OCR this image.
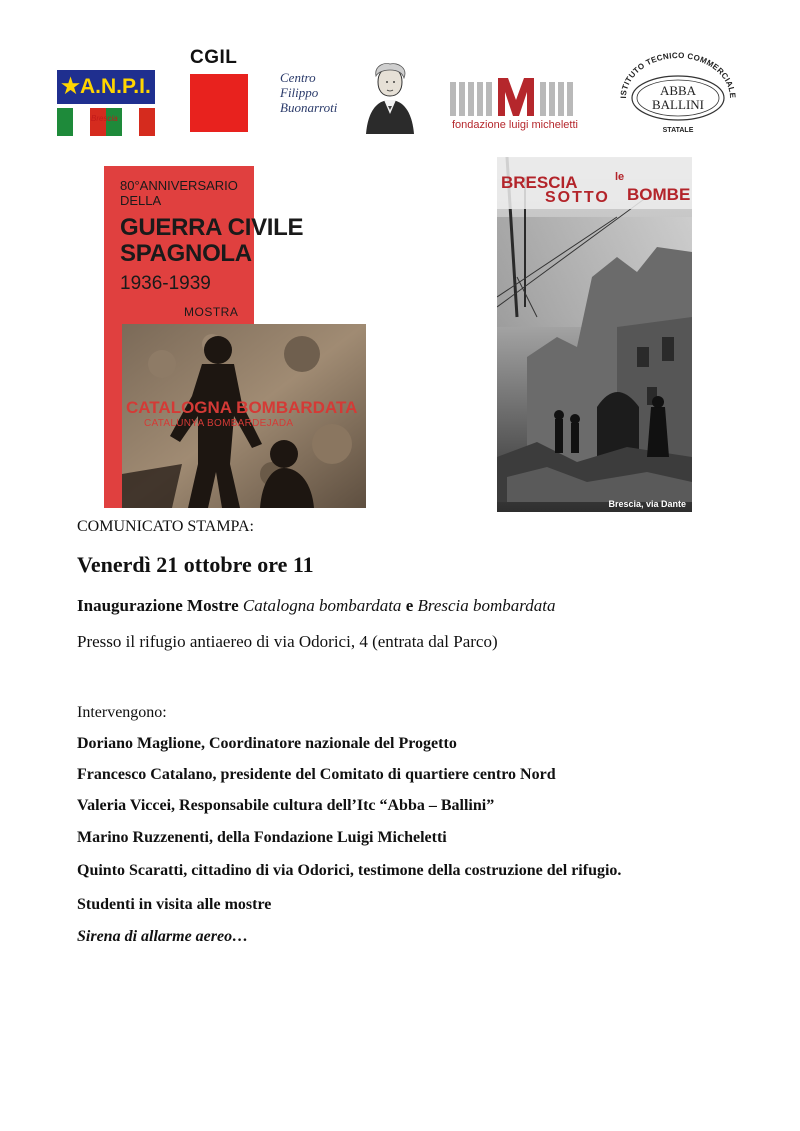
★A.N.P.I.
Brescia
CGIL
Centro
Filippo
Buonarroti
fondazione luigi micheletti
ISTITUTO TECNICO COMMERCIALE
ABBA
BALLINI
STATALE
80°ANNIVERSARIO
DELLA
GUERRA CIVILE
SPAGNOLA
1936-1939
MOSTRA
CATALOGNA BOMBARDATA
CATALUNYA BOMBARDEJADA
BRESCIA
SOTTO
le
BOMBE
Brescia, via Dante
COMUNICATO STAMPA:
Venerdì 21 ottobre ore 11
Inaugurazione Mostre Catalogna bombardata e Brescia bombardata
Presso il rifugio antiaereo di via Odorici, 4 (entrata dal Parco)
Intervengono:
Doriano Maglione, Coordinatore nazionale del Progetto
Francesco Catalano, presidente del Comitato di quartiere centro Nord
Valeria Viccei, Responsabile cultura dell’Itc “Abba – Ballini”
Marino Ruzzenenti, della Fondazione Luigi Micheletti
Quinto Scaratti, cittadino di via Odorici, testimone della costruzione del rifugio.
Studenti in visita alle mostre
Sirena di allarme aereo…
